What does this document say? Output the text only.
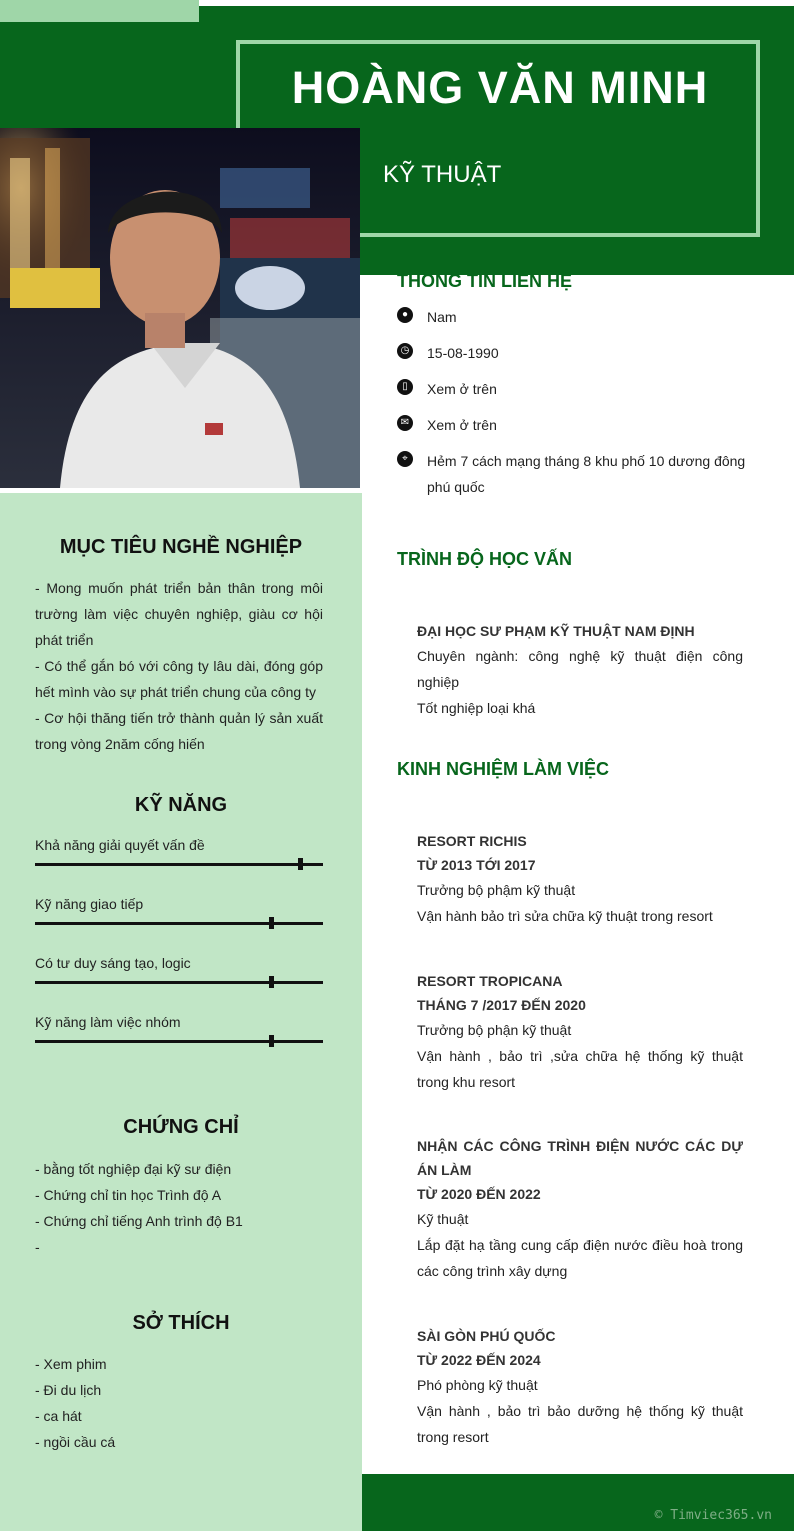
HOÀNG VĂN MINH
KỸ THUẬT
MỤC TIÊU NGHỀ NGHIỆP
- Mong muốn phát triển bản thân trong môi trường làm việc chuyên nghiệp, giàu cơ hội phát triển
- Có thể gắn bó với công ty lâu dài, đóng góp hết mình vào sự phát triển chung của công ty
- Cơ hội thăng tiến trở thành quản lý sản xuất trong vòng 2năm cống hiến
KỸ NĂNG
Khả năng giải quyết vấn đề
Kỹ năng giao tiếp
Có tư duy sáng tạo, logic
Kỹ năng làm việc nhóm
CHỨNG CHỈ
- bằng tốt nghiệp đại kỹ sư điện
- Chứng chỉ tin học Trình độ A
- Chứng chỉ tiếng Anh trình độ B1
-
SỞ THÍCH
- Xem phim
- Đi du lịch
- ca hát
- ngồi cầu cá
THÔNG TIN LIÊN HỆ
●	Nam
◷ 15-08-1990
▯	Xem ở trên
✉ Xem ở trên
⌖	Hẻm 7 cách mạng tháng 8 khu phố 10 dương đông phú quốc
TRÌNH ĐỘ HỌC VẤN
ĐẠI HỌC SƯ PHẠM KỸ THUẬT NAM ĐỊNH
Chuyên ngành: công nghệ kỹ thuật điện công nghiệp
Tốt nghiệp loại khá
KINH NGHIỆM LÀM VIỆC
RESORT RICHIS
TỪ 2013 TỚI 2017
Trưởng bộ phậm kỹ thuật
Vận hành bảo trì sửa chữa kỹ thuật trong resort
RESORT TROPICANA
THÁNG 7 /2017 ĐẾN 2020
Trưởng bộ phận kỹ thuật
Vận hành , bảo trì ,sửa chữa hệ thống kỹ thuật trong khu resort
NHẬN CÁC CÔNG TRÌNH ĐIỆN NƯỚC CÁC DỰ ÁN LÀM
TỪ 2020 ĐẾN 2022
Kỹ thuật
Lắp đặt hạ tầng cung cấp điện nước điều hoà trong các công trình xây dựng
SÀI GÒN PHÚ QUỐC
TỪ 2022 ĐẾN 2024
Phó phòng kỹ thuật
Vận hành , bảo trì bảo dưỡng hệ thống kỹ thuật trong resort
© Timviec365.vn
